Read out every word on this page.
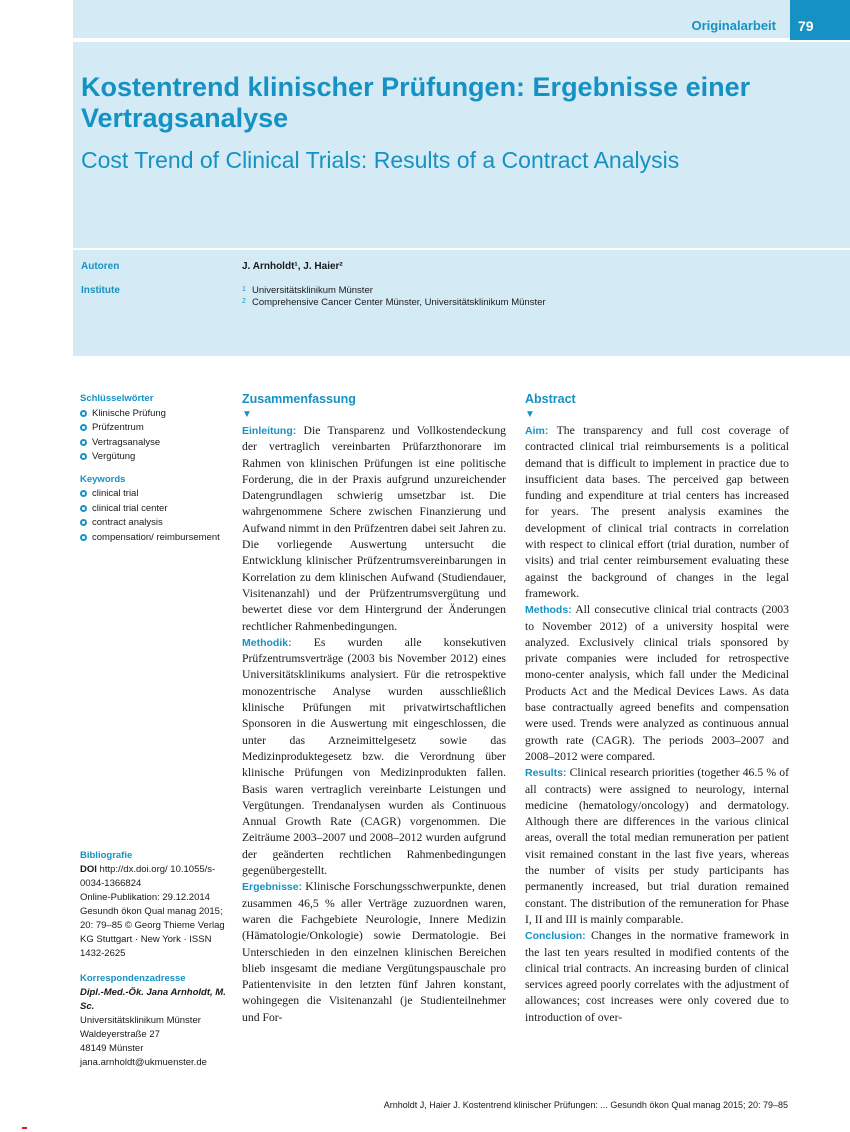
Originalarbeit	79
Kostentrend klinischer Prüfungen: Ergebnisse einer Vertragsanalyse
Cost Trend of Clinical Trials: Results of a Contract Analysis
Autoren	J. Arnholdt¹, J. Haier²
Institute	1 Universitätsklinikum Münster
2 Comprehensive Cancer Center Münster, Universitätsklinikum Münster
Schlüsselwörter
Klinische Prüfung
Prüfzentrum
Vertragsanalyse
Vergütung
Keywords
clinical trial
clinical trial center
contract analysis
compensation/ reimbursement
Bibliografie
DOI http://dx.doi.org/ 10.1055/s-0034-1366824
Online-Publikation: 29.12.2014
Gesundh ökon Qual manag 2015; 20: 79–85 © Georg Thieme Verlag KG Stuttgart · New York · ISSN 1432-2625
Korrespondenzadresse
Dipl.-Med.-Ök. Jana Arnholdt, M. Sc.
Universitätsklinikum Münster
Waldeyerstraße 27
48149 Münster
jana.arnholdt@ukmuenster.de
Zusammenfassung
▼

Einleitung: Die Transparenz und Vollkostendeckung der vertraglich vereinbarten Prüfarzthonorare im Rahmen von klinischen Prüfungen ist eine politische Forderung, die in der Praxis aufgrund unzureichender Datengrundlagen schwierig umsetzbar ist. Die wahrgenommene Schere zwischen Finanzierung und Aufwand nimmt in den Prüfzentren dabei seit Jahren zu. Die vorliegende Auswertung untersucht die Entwicklung klinischer Prüfzentrumsvereinbarungen in Korrelation zu dem klinischen Aufwand (Studiendauer, Visitenanzahl) und der Prüfzentrumsvergütung und bewertet diese vor dem Hintergrund der Änderungen rechtlicher Rahmenbedingungen.

Methodik: Es wurden alle konsekutiven Prüfzentrumsverträge (2003 bis November 2012) eines Universitätsklinikums analysiert. Für die retrospektive monozentrische Analyse wurden ausschließlich klinische Prüfungen mit privatwirtschaftlichen Sponsoren in die Auswertung mit eingeschlossen, die unter das Arzneimittelgesetz sowie das Medizinproduktegesetz bzw. die Verordnung über klinische Prüfungen von Medizinprodukten fallen. Basis waren vertraglich vereinbarte Leistungen und Vergütungen. Trendanalysen wurden als Continuous Annual Growth Rate (CAGR) vorgenommen. Die Zeiträume 2003–2007 und 2008–2012 wurden aufgrund der geänderten rechtlichen Rahmenbedingungen gegenübergestellt.

Ergebnisse: Klinische Forschungsschwerpunkte, denen zusammen 46,5 % aller Verträge zuzuordnen waren, waren die Fachgebiete Neurologie, Innere Medizin (Hämatologie/Onkologie) sowie Dermatologie. Bei Unterschieden in den einzelnen klinischen Bereichen blieb insgesamt die mediane Vergütungspauschale pro Patientenvisite in den letzten fünf Jahren konstant, wohingegen die Visitenanzahl (je Studienteilnehmer und For-

Abstract
▼

Aim: The transparency and full cost coverage of contracted clinical trial reimbursements is a political demand that is difficult to implement in practice due to insufficient data bases. The perceived gap between funding and expenditure at trial centers has increased for years. The present analysis examines the development of clinical trial contracts in correlation with respect to clinical effort (trial duration, number of visits) and trial center reimbursement evaluating these against the background of changes in the legal framework.

Methods: All consecutive clinical trial contracts (2003 to November 2012) of a university hospital were analyzed. Exclusively clinical trials sponsored by private companies were included for retrospective mono-center analysis, which fall under the Medicinal Products Act and the Medical Devices Laws. As data base contractually agreed benefits and compensation were used. Trends were analyzed as continuous annual growth rate (CAGR). The periods 2003–2007 and 2008–2012 were compared.

Results: Clinical research priorities (together 46.5 % of all contracts) were assigned to neurology, internal medicine (hematology/oncology) and dermatology. Although there are differences in the various clinical areas, overall the total median remuneration per patient visit remained constant in the last five years, whereas the number of visits per study participants has permanently increased, but trial duration remained constant. The distribution of the remuneration for Phase I, II and III is mainly comparable.

Conclusion: Changes in the normative framework in the last ten years resulted in modified contents of the clinical trial contracts. An increasing burden of clinical services agreed poorly correlates with the adjustment of allowances; cost increases were only covered due to introduction of over-

Arnholdt J, Haier J. Kostentrend klinischer Prüfungen: ... Gesundh ökon Qual manag 2015; 20: 79–85
